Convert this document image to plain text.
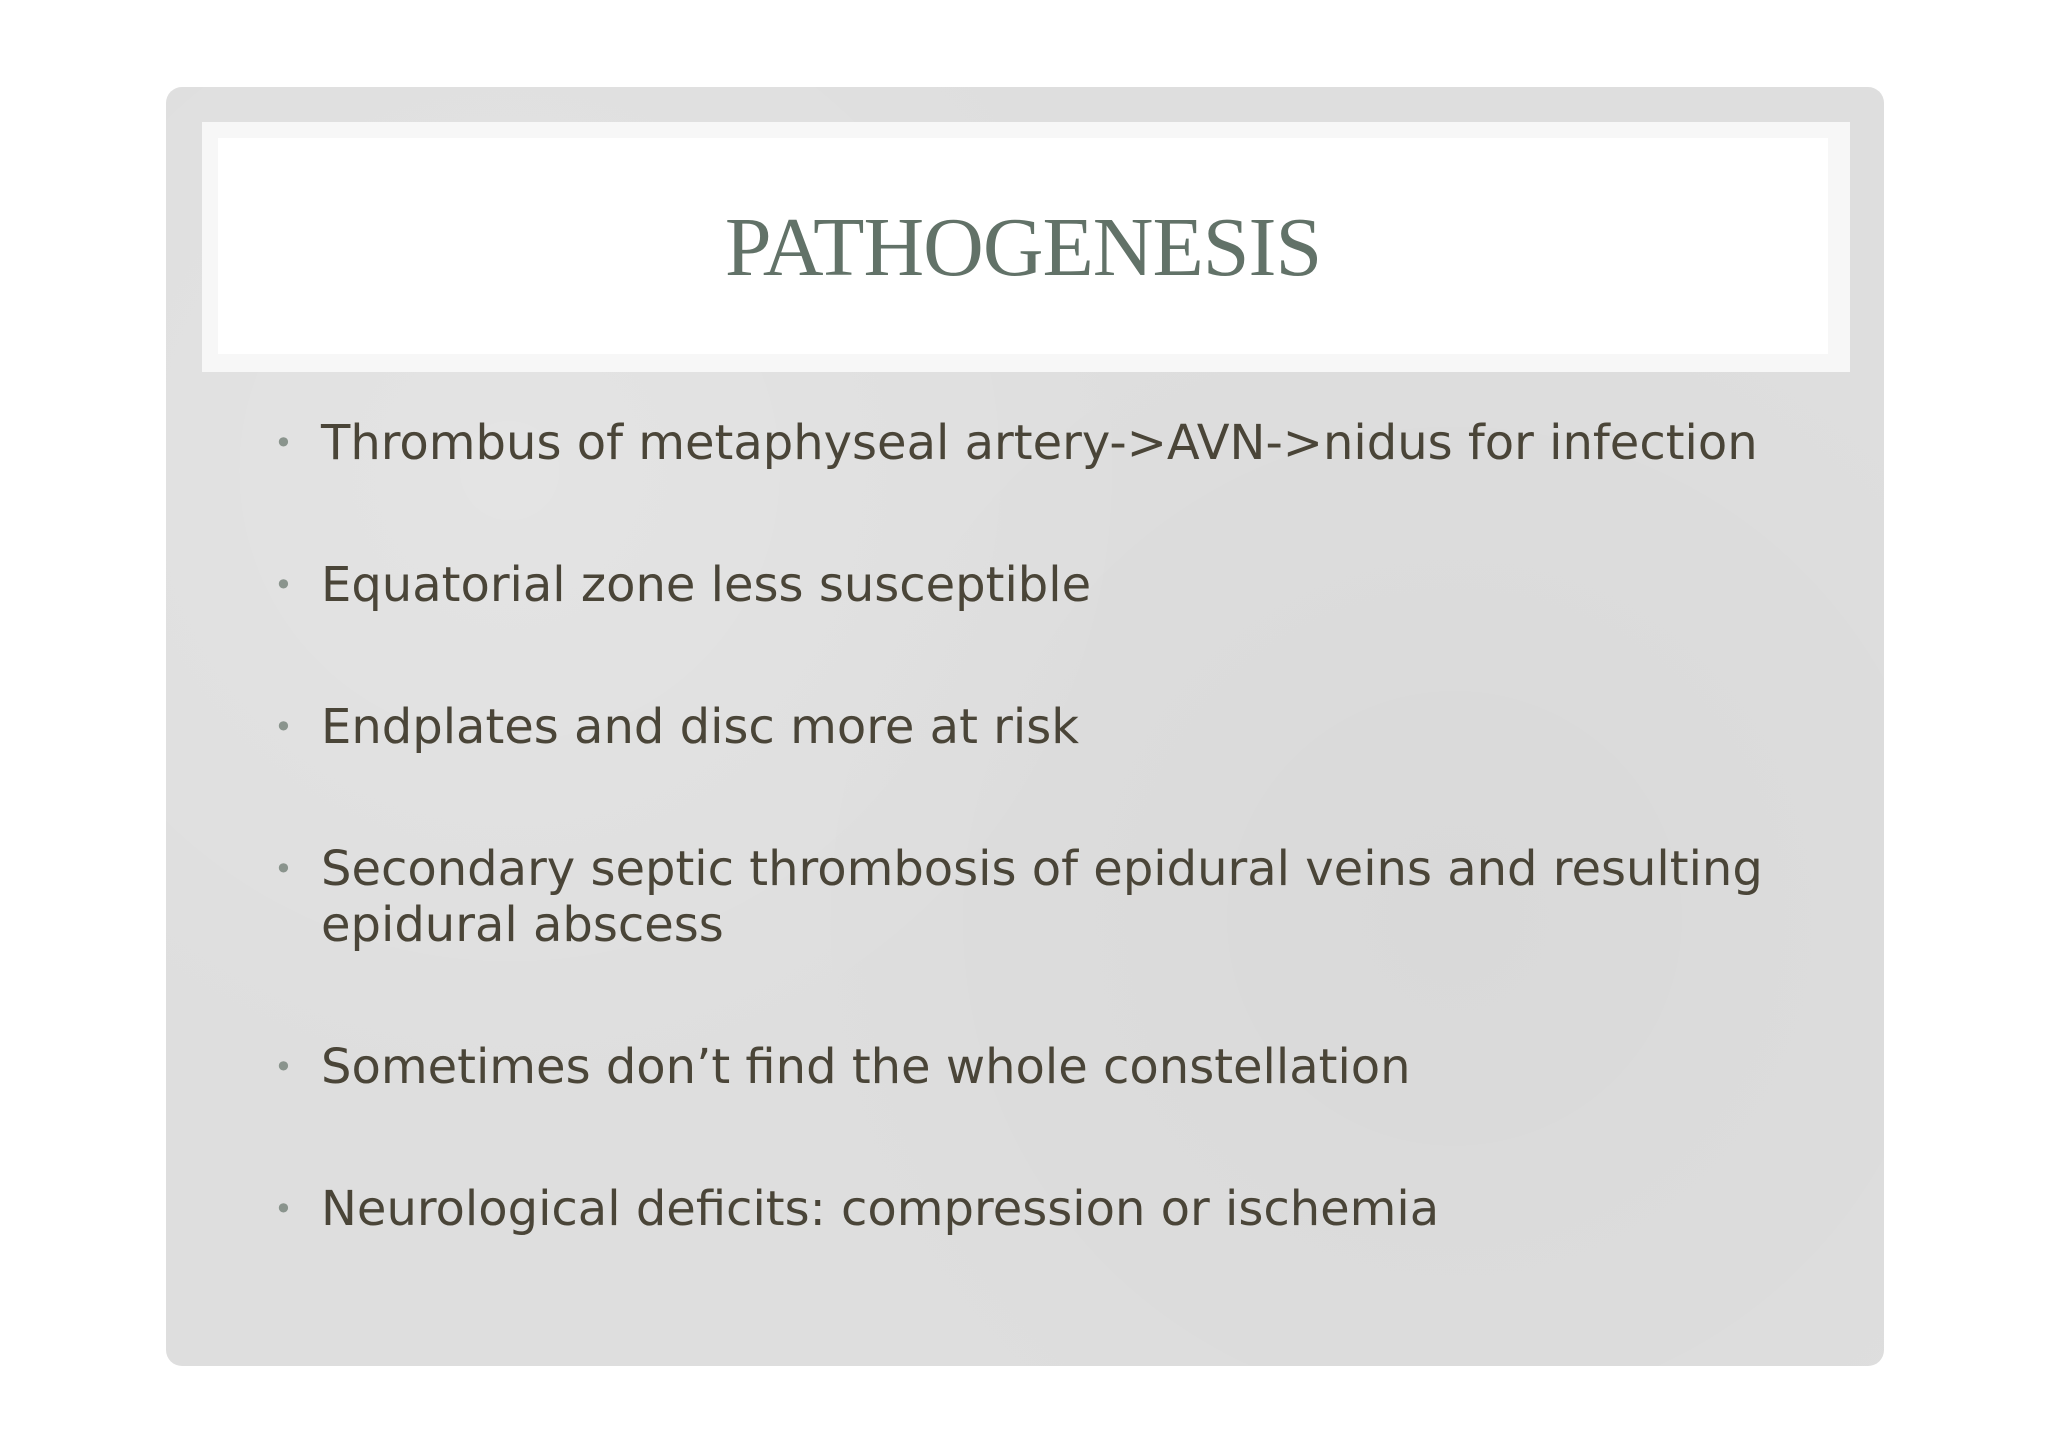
PATHOGENESIS
• Thrombus of metaphyseal artery->AVN->nidus for infection
• Equatorial zone less susceptible
• Endplates and disc more at risk
• Secondary septic thrombosis of epidural veins and resulting epidural abscess
• Sometimes don’t find the whole constellation
• Neurological deficits: compression or ischemia
